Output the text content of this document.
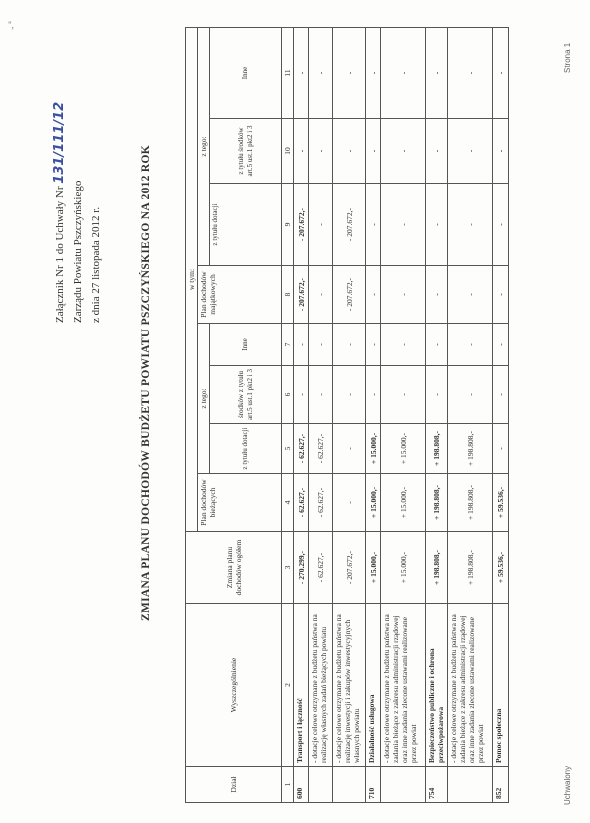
",
Załącznik Nr 1 do Uchwały Nr 131/111/12
Zarządu Powiatu Pszczyńskiego z dnia 27 listopada 2012 r.	ZMIANA PLANU DOCHODÓW BUDŻETU POWIATU PSZCZYŃSKIEGO NA 2012 ROK
Dział	Wyszczególnienie	Zmiana planu dochodów ogółem	w tym:							
			Plan dochodów bieżących	z tego:			Plan dochodów majątkowych	z tego:		
				z tytułu dotacji	środków z tytułu art.5 ust.1 pkt2 i 3	Inne		z tytułu dotacji	z tytułu środków art.5 ust.1 pkt2 i 3	Inne

1	2	3	4	5	6	7	8	9	10	11
600	Transport i łączność	- 270.299,-	- 62.627,-	- 62.627,-	-	-	- 207.672,-	- 207.672,-	-	-
	- dotacje celowe otrzymane z budżetu państwa na realizację własnych zadań bieżących powiatu	- 62.627,-	- 62.627,-	- 62.627,-	-	-	-	-	-	-
	- dotacje celowe otrzymane z budżetu państwa na realizację inwestycji i zakupów inwestycyjnych własnych powiatu	- 207.672,-	-	-	-	-	- 207.672,-	- 207.672,-	-	-
710	Działalność usługowa	+ 15.000,-	+ 15.000,-	+ 15.000,-	-	-	-	-	-	-
	- dotacje celowe otrzymane z budżetu państwa na zadania bieżące z zakresu administracji rządowej oraz inne zadania zlecone ustawami realizowane przez powiat	+ 15.000,-	+ 15.000,-	+ 15.000,-	-	-	-	-	-	-
754	Bezpieczeństwo publiczne i ochrona przeciwpożarowa	+ 198.808,-	+ 198.808,-	+ 198.808,-	-	-	-	-	-	-
	- dotacje celowe otrzymane z budżetu państwa na zadania bieżące z zakresu administracji rządowej oraz inne zadania zlecone ustawami realizowane przez powiat	+ 198.808,-	+ 198.808,-	+ 198.808,-	-	-	-	-	-	-
852	Pomoc społeczna	+ 59.536,-	+ 59.536,-	-	-	-	-	-	-	-
Uchwalony
Strona 1
